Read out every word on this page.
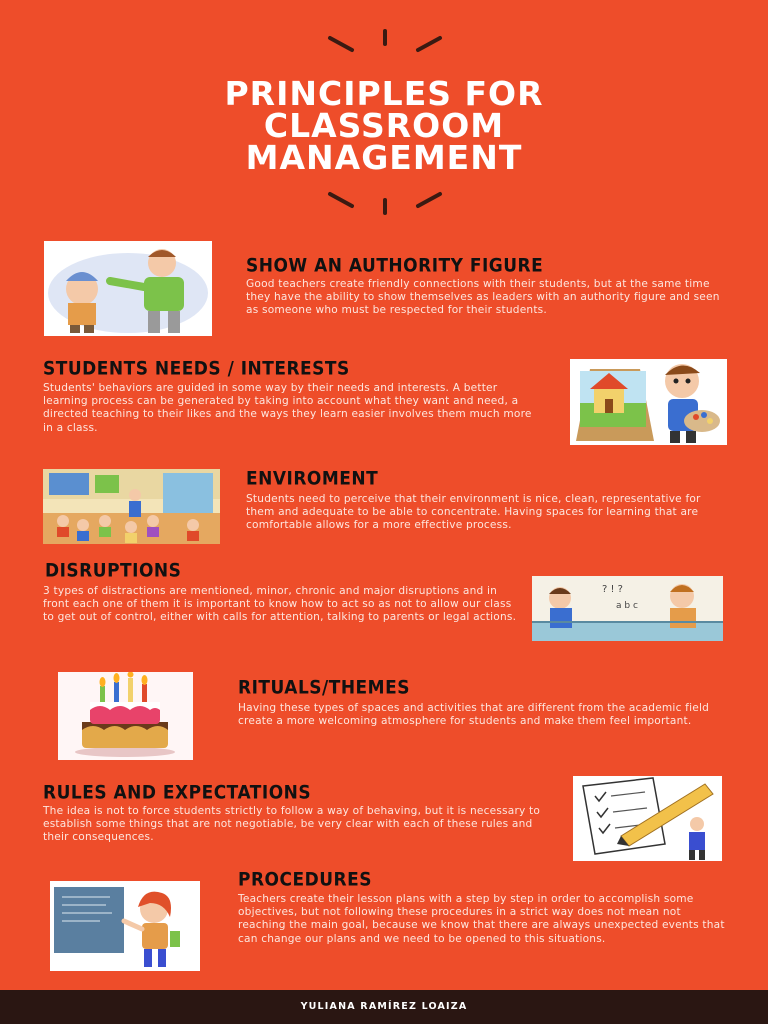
PRINCIPLES FOR
CLASSROOM
MANAGEMENT
SHOW AN AUTHORITY FIGURE

Good teachers create friendly connections with their students, but at the same time they have the ability to show themselves as leaders with an authority figure and seen as someone who must be respected for their students.

STUDENTS NEEDS / INTERESTS

Students' behaviors are guided in some way by their needs and interests. A better learning process can be generated by taking into account what they want and need, a directed teaching to their likes and the ways they learn easier involves them much more in a class.

ENVIROMENT

Students need to perceive that their environment is nice, clean, representative for them and adequate to be able to concentrate. Having spaces for learning that are comfortable allows for a more effective process.

DISRUPTIONS

3 types of distractions are mentioned, minor, chronic and major disruptions and in front each one of them it is important to know how to act so as not to allow our class to get out of control, either with calls for attention, talking to parents or legal actions.

? ! ?
a b c
RITUALS/THEMES

Having these types of spaces and activities that are different from the academic field create a more welcoming atmosphere for students and make them feel important.

RULES AND EXPECTATIONS

The idea is not to force students strictly to follow a way of behaving, but it is necessary to establish some things that are not negotiable, be very clear with each of these rules and their consequences.

PROCEDURES

Teachers create their lesson plans with a step by step in order to accomplish some objectives, but not following these procedures in a strict way does not mean not reaching the main goal, because we know that there are always unexpected events that can change our plans and we need to be opened to this situations.

YULIANA RAMÍREZ LOAIZA
